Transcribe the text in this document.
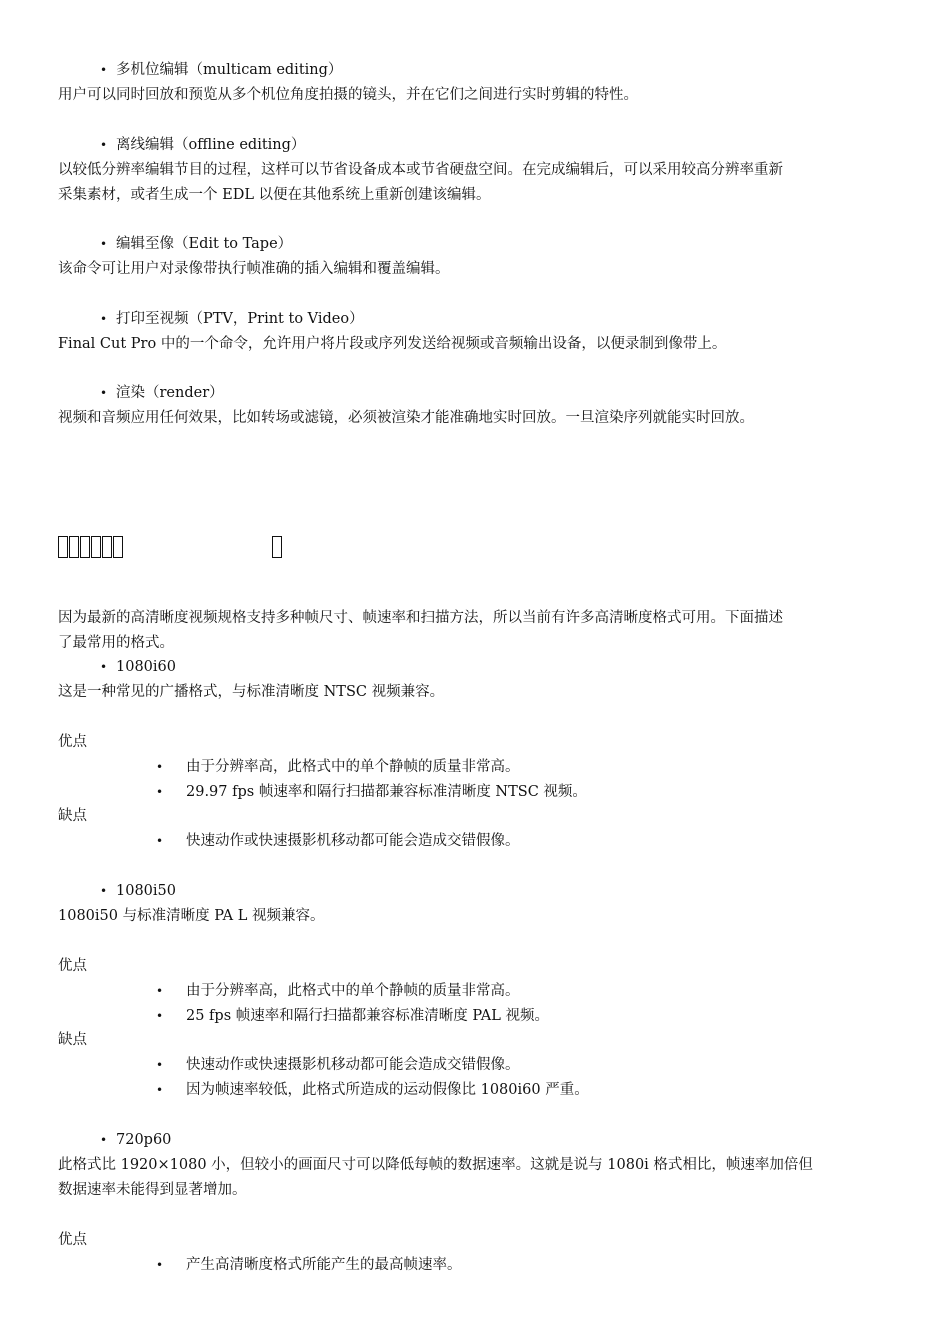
• 多机位编辑（multicam editing）
用户可以同时回放和预览从多个机位角度拍摄的镜头，并在它们之间进行实时剪辑的特性。
• 离线编辑（offline editing）
以较低分辨率编辑节目的过程，这样可以节省设备成本或节省硬盘空间。在完成编辑后，可以采用较高分辨率重新
采集素材，或者生成一个 EDL 以便在其他系统上重新创建该编辑。
• 编辑至像（Edit to Tape）
该命令可让用户对录像带执行帧准确的插入编辑和覆盖编辑。
• 打印至视频（PTV，Print to Video）
Final Cut Pro 中的一个命令，允许用户将片段或序列发送给视频或音频输出设备，以便录制到像带上。
• 渲染（render）
视频和音频应用任何效果，比如转场或滤镜，必须被渲染才能准确地实时回放。一旦渲染序列就能实时回放。
因为最新的高清晰度视频规格支持多种帧尺寸、帧速率和扫描方法，所以当前有许多高清晰度格式可用。下面描述
了最常用的格式。
• 1080i60
这是一种常见的广播格式，与标准清晰度 NTSC 视频兼容。
优点
• 由于分辨率高，此格式中的单个静帧的质量非常高。
• 29.97 fps 帧速率和隔行扫描都兼容标准清晰度 NTSC 视频。
缺点
• 快速动作或快速摄影机移动都可能会造成交错假像。
• 1080i50
1080i50 与标准清晰度 PA L 视频兼容。
优点
• 由于分辨率高，此格式中的单个静帧的质量非常高。
• 25 fps 帧速率和隔行扫描都兼容标准清晰度 PAL 视频。
缺点
• 快速动作或快速摄影机移动都可能会造成交错假像。
• 因为帧速率较低，此格式所造成的运动假像比 1080i60 严重。
• 720p60
此格式比 1920×1080 小，但较小的画面尺寸可以降低每帧的数据速率。这就是说与 1080i 格式相比，帧速率加倍但
数据速率未能得到显著增加。
优点
• 产生高清晰度格式所能产生的最高帧速率。
